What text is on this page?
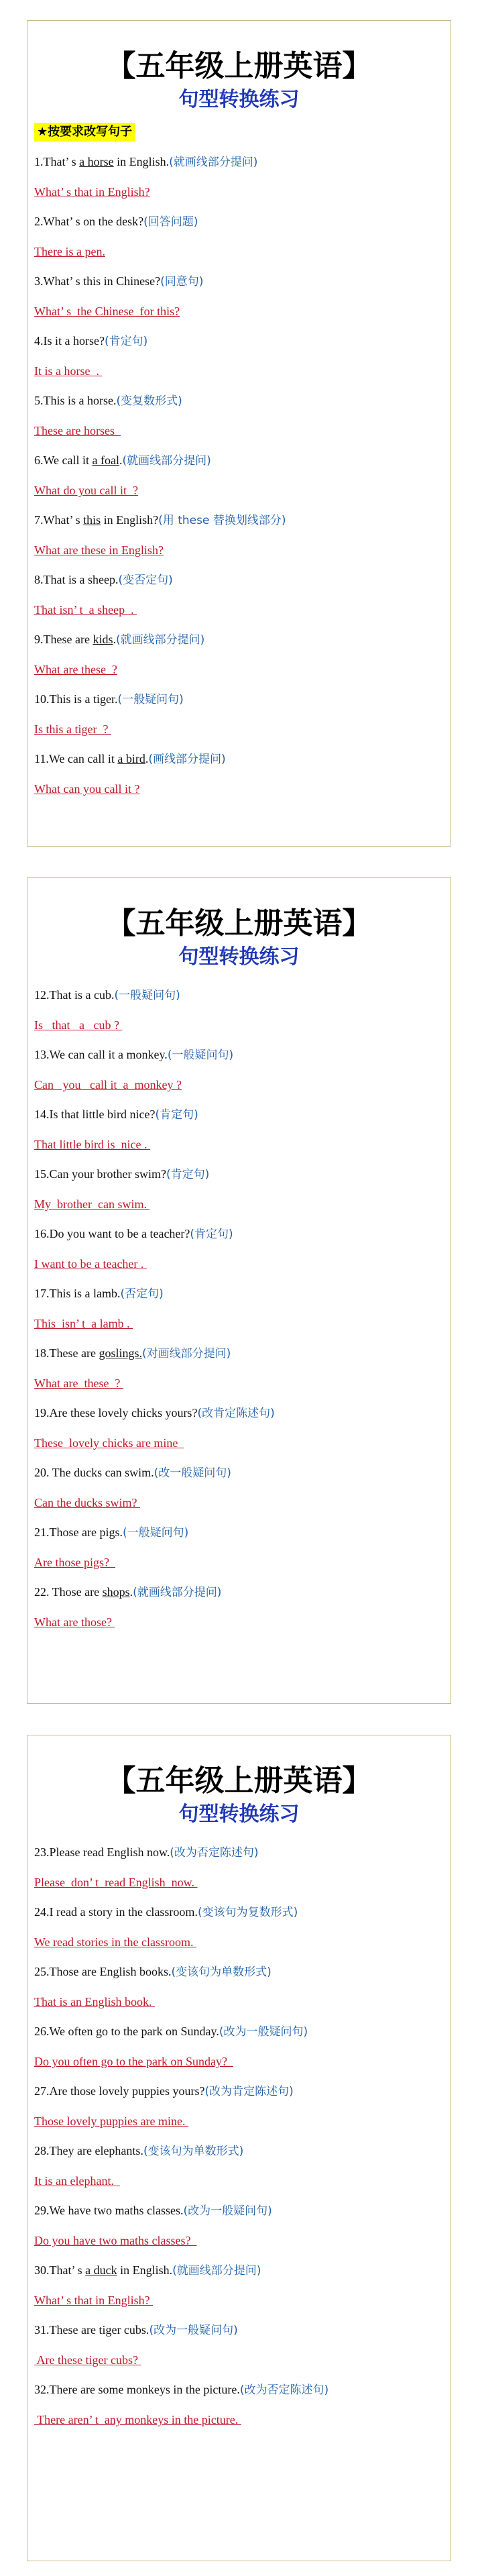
【五年级上册英语】
句型转换练习
★按要求改写句子
1.That’ s a horse in English.(就画线部分提问)
What’ s that in English?
2.What’ s on the desk?(回答问题)
There is a pen.
3.What’ s this in Chinese?(同意句)
What’ s  the Chinese  for this?
4.Is it a horse?(肯定句)
It is a horse  .
5.This is a horse.(变复数形式)
These are horses
6.We call it a foal.(就画线部分提问)
What do you call it  ?
7.What’ s this in English?(用 these 替换划线部分)
What are these in English?
8.That is a sheep.(变否定句)
That isn’ t  a sheep  .
9.These are kids.(就画线部分提问)
What are these  ?
10.This is a tiger.(一般疑问句)
Is this a tiger  ?
11.We can call it a bird.(画线部分提问)
What can you call it ?
【五年级上册英语】
句型转换练习
12.That is a cub.(一般疑问句)
Is   that   a   cub ?
13.We can call it a monkey.(一般疑问句)
Can   you   call it  a  monkey ?
14.Is that little bird nice?(肯定句)
That little bird is  nice .
15.Can your brother swim?(肯定句)
My  brother  can swim.
16.Do you want to be a teacher?(肯定句)
I want to be a teacher .
17.This is a lamb.(否定句)
This  isn’ t  a lamb .
18.These are goslings.(对画线部分提问)
What are  these  ?
19.Are these lovely chicks yours?(改肯定陈述句)
These  lovely chicks are mine
20. The ducks can swim.(改一般疑问句)
Can the ducks swim?
21.Those are pigs.(一般疑问句)
Are those pigs?
22. Those are shops.(就画线部分提问)
What are those?
【五年级上册英语】
句型转换练习
23.Please read English now.(改为否定陈述句)
Please  don’ t  read English  now.
24.I read a story in the classroom.(变该句为复数形式)
We read stories in the classroom.
25.Those are English books.(变该句为单数形式)
That is an English book.
26.We often go to the park on Sunday.(改为一般疑问句)
Do you often go to the park on Sunday?
27.Are those lovely puppies yours?(改为肯定陈述句)
Those lovely puppies are mine.
28.They are elephants.(变该句为单数形式)
It is an elephant.
29.We have two maths classes.(改为一般疑问句)
Do you have two maths classes?
30.That’ s a duck in English.(就画线部分提问)
What’ s that in English?
31.These are tiger cubs.(改为一般疑问句)
Are these tiger cubs?
32.There are some monkeys in the picture.(改为否定陈述句)
There aren’ t  any monkeys in the picture.
